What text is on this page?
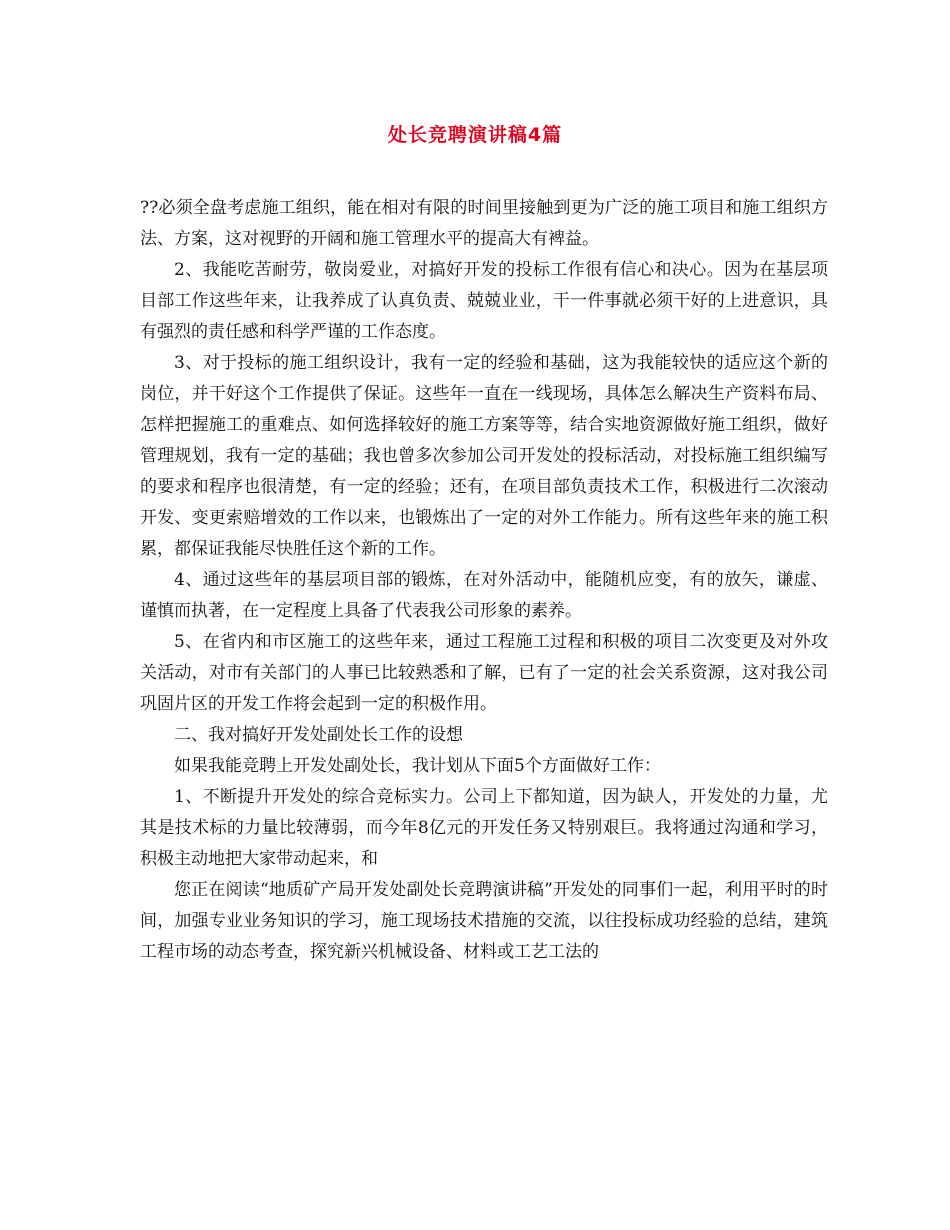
处长竞聘演讲稿4篇

??必须全盘考虑施工组织，能在相对有限的时间里接触到更为广泛的施工项目和施工组织方法、方案，这对视野的开阔和施工管理水平的提高大有裨益。

2、我能吃苦耐劳，敬岗爱业，对搞好开发的投标工作很有信心和决心。因为在基层项目部工作这些年来，让我养成了认真负责、兢兢业业，干一件事就必须干好的上进意识，具有强烈的责任感和科学严谨的工作态度。

3、对于投标的施工组织设计，我有一定的经验和基础，这为我能较快的适应这个新的岗位，并干好这个工作提供了保证。这些年一直在一线现场，具体怎么解决生产资料布局、怎样把握施工的重难点、如何选择较好的施工方案等等，结合实地资源做好施工组织，做好管理规划，我有一定的基础；我也曾多次参加公司开发处的投标活动，对投标施工组织编写的要求和程序也很清楚，有一定的经验；还有，在项目部负责技术工作，积极进行二次滚动开发、变更索赔增效的工作以来，也锻炼出了一定的对外工作能力。所有这些年来的施工积累，都保证我能尽快胜任这个新的工作。

4、通过这些年的基层项目部的锻炼，在对外活动中，能随机应变，有的放矢，谦虚、谨慎而执著，在一定程度上具备了代表我公司形象的素养。

5、在省内和市区施工的这些年来，通过工程施工过程和积极的项目二次变更及对外攻关活动，对市有关部门的人事已比较熟悉和了解，已有了一定的社会关系资源，这对我公司巩固片区的开发工作将会起到一定的积极作用。

二、我对搞好开发处副处长工作的设想

如果我能竞聘上开发处副处长，我计划从下面5个方面做好工作：

1、不断提升开发处的综合竞标实力。公司上下都知道，因为缺人，开发处的力量，尤其是技术标的力量比较薄弱，而今年8亿元的开发任务又特别艰巨。我将通过沟通和学习，积极主动地把大家带动起来，和

您正在阅读“地质矿产局开发处副处长竞聘演讲稿”开发处的同事们一起，利用平时的时间，加强专业业务知识的学习，施工现场技术措施的交流，以往投标成功经验的总结，建筑工程市场的动态考查，探究新兴机械设备、材料或工艺工法的
